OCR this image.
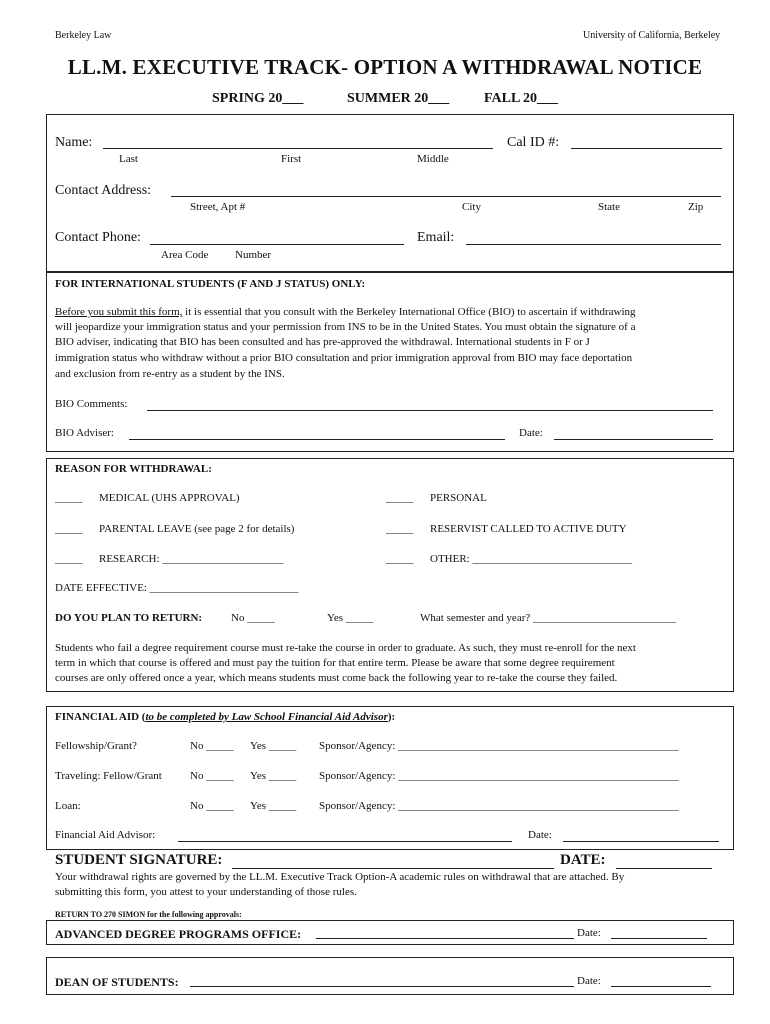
Berkeley Law	University of California, Berkeley
LL.M. EXECUTIVE TRACK- OPTION A WITHDRAWAL NOTICE
SPRING 20___	SUMMER 20___ FALL 20___
Name:	Cal ID #:
Last	First	Middle
Contact Address:
Street, Apt #	City	State	Zip
Contact Phone:	Email:
Area Code Number
FOR INTERNATIONAL STUDENTS (F AND J STATUS) ONLY:
Before you submit this form, it is essential that you consult with the Berkeley International Office (BIO) to ascertain if withdrawing
will jeopardize your immigration status and your permission from INS to be in the United States. You must obtain the signature of a
BIO adviser, indicating that BIO has been consulted and has pre-approved the withdrawal. International students in F or J
immigration status who withdraw without a prior BIO consultation and prior immigration approval from BIO may face deportation
and exclusion from re-entry as a student by the INS.
BIO Comments:
BIO Adviser:	Date:
REASON FOR WITHDRAWAL:
_____ MEDICAL (UHS APPROVAL)	_____ PERSONAL
_____ PARENTAL LEAVE (see page 2 for details)	_____ RESERVIST CALLED TO ACTIVE DUTY
_____ RESEARCH: ______________________	_____ OTHER: _____________________________
DATE EFFECTIVE: ___________________________
DO YOU PLAN TO RETURN:	No _____	Yes _____	What semester and year? __________________________
Students who fail a degree requirement course must re-take the course in order to graduate. As such, they must re-enroll for the next
term in which that course is offered and must pay the tuition for that entire term. Please be aware that some degree requirement
courses are only offered once a year, which means students must come back the following year to re-take the course they failed.
FINANCIAL AID (to be completed by Law School Financial Aid Advisor):
Fellowship/Grant?	No _____ Yes _____ Sponsor/Agency: ___________________________________________________
Traveling: Fellow/Grant	No _____ Yes _____ Sponsor/Agency: ___________________________________________________
Loan:	No _____ Yes _____ Sponsor/Agency: ___________________________________________________
Financial Aid Advisor:	Date:
STUDENT SIGNATURE:	DATE:
Your withdrawal rights are governed by the LL.M. Executive Track Option-A academic rules on withdrawal that are attached. By
submitting this form, you attest to your understanding of those rules.
RETURN TO 270 SIMON for the following approvals:
ADVANCED DEGREE PROGRAMS OFFICE:	Date:
DEAN OF STUDENTS:	Date:
